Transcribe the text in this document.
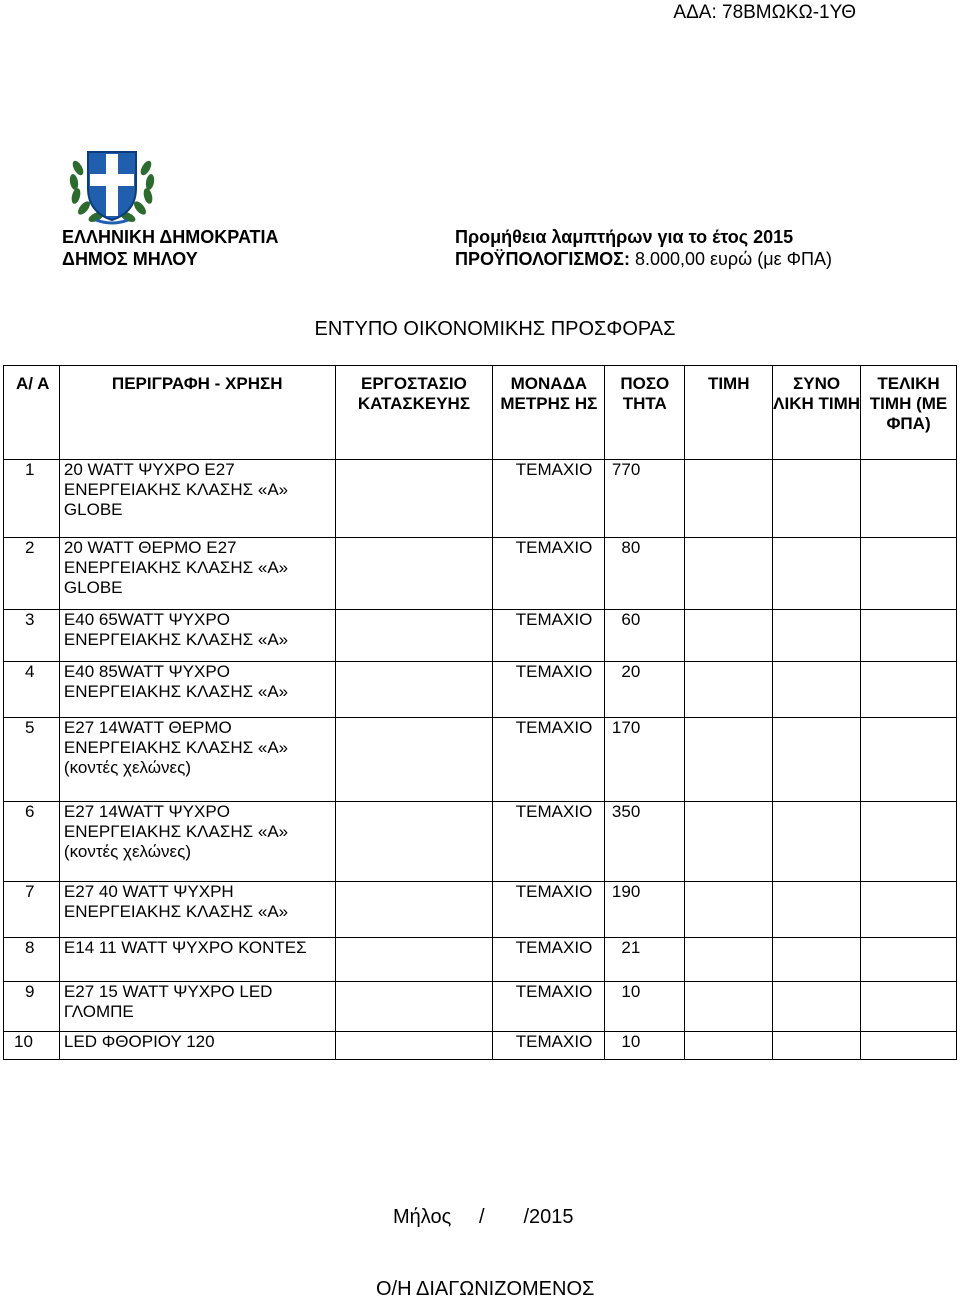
ΑΔΑ: 78ΒΜΩΚΩ-1ΥΘ
ΕΛΛΗΝΙΚΗ ΔΗΜΟΚΡΑΤΙΑ
ΔΗΜΟΣ ΜΗΛΟΥ
Προμήθεια λαμπτήρων για το έτος 2015
ΠΡΟΫΠΟΛΟΓΙΣΜΟΣ: 8.000,00 ευρώ (με ΦΠΑ)
ΕΝΤΥΠΟ ΟΙΚΟΝΟΜΙΚΗΣ ΠΡΟΣΦΟΡΑΣ
Α/ Α	ΠΕΡΙΓΡΑΦΗ - ΧΡΗΣΗ	ΕΡΓΟΣΤΑΣΙΟ ΚΑΤΑΣΚΕΥΗΣ	ΜΟΝΑΔΑ ΜΕΤΡΗΣ ΗΣ	ΠΟΣΟ ΤΗΤΑ	ΤΙΜΗ	ΣΥΝΟ ΛΙΚΗ ΤΙΜΗ	ΤΕΛΙΚΗ ΤΙΜΗ (ΜΕ ΦΠΑ)
1	20 WATT ΨΥΧΡΟ Ε27 ΕΝΕΡΓΕΙΑΚΗΣ ΚΛΑΣΗΣ «Α» GLOBE		ΤΕΜΑΧΙΟ	770			
2	20 WATT ΘΕΡΜΟ Ε27 ΕΝΕΡΓΕΙΑΚΗΣ ΚΛΑΣΗΣ «Α» GLOBE		ΤΕΜΑΧΙΟ	80			
3	Ε40 65WATT ΨΥΧΡΟ ΕΝΕΡΓΕΙΑΚΗΣ ΚΛΑΣΗΣ «Α»		ΤΕΜΑΧΙΟ	60			
4	Ε40 85WATT ΨΥΧΡΟ ΕΝΕΡΓΕΙΑΚΗΣ ΚΛΑΣΗΣ «Α»		ΤΕΜΑΧΙΟ	20			
5	Ε27 14WATT ΘΕΡΜΟ ΕΝΕΡΓΕΙΑΚΗΣ ΚΛΑΣΗΣ «Α» (κοντές χελώνες)		ΤΕΜΑΧΙΟ	170			
6	Ε27 14WATT ΨΥΧΡΟ ΕΝΕΡΓΕΙΑΚΗΣ ΚΛΑΣΗΣ «Α» (κοντές χελώνες)		ΤΕΜΑΧΙΟ	350			
7	Ε27 40 WATT ΨΥΧΡΗ ΕΝΕΡΓΕΙΑΚΗΣ ΚΛΑΣΗΣ «Α»		ΤΕΜΑΧΙΟ	190			
8	Ε14 11 WATT ΨΥΧΡΟ ΚΟΝΤΕΣ		ΤΕΜΑΧΙΟ	21			
9	Ε27 15 WATT ΨΥΧΡΟ LED ΓΛΟΜΠΕ		ΤΕΜΑΧΙΟ	10			
10	LED ΦΘΟΡΙΟΥ 120		ΤΕΜΑΧΙΟ	10			
Μήλος     /       /2015
Ο/Η ΔΙΑΓΩΝΙΖΟΜΕΝΟΣ
